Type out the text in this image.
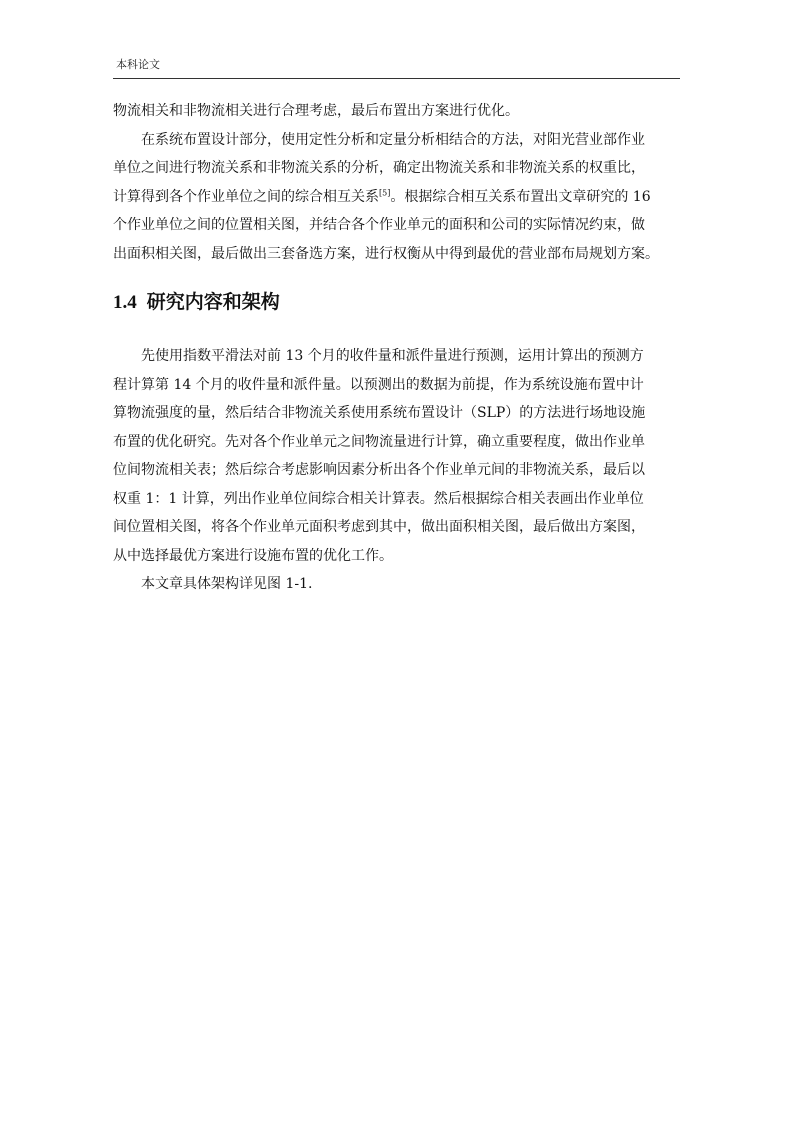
本科论文

物流相关和非物流相关进行合理考虑，最后布置出方案进行优化。

在系统布置设计部分，使用定性分析和定量分析相结合的方法，对阳光营业部作业
单位之间进行物流关系和非物流关系的分析，确定出物流关系和非物流关系的权重比，
计算得到各个作业单位之间的综合相互关系[5]。根据综合相互关系布置出文章研究的 16
个作业单位之间的位置相关图，并结合各个作业单元的面积和公司的实际情况约束，做
出面积相关图，最后做出三套备选方案，进行权衡从中得到最优的营业部布局规划方案。

1.4 研究内容和架构

先使用指数平滑法对前 13 个月的收件量和派件量进行预测，运用计算出的预测方
程计算第 14 个月的收件量和派件量。以预测出的数据为前提，作为系统设施布置中计
算物流强度的量，然后结合非物流关系使用系统布置设计（SLP）的方法进行场地设施
布置的优化研究。先对各个作业单元之间物流量进行计算，确立重要程度，做出作业单
位间物流相关表；然后综合考虑影响因素分析出各个作业单元间的非物流关系，最后以
权重 1：1 计算，列出作业单位间综合相关计算表。然后根据综合相关表画出作业单位
间位置相关图，将各个作业单元面积考虑到其中，做出面积相关图，最后做出方案图，
从中选择最优方案进行设施布置的优化工作。

本文章具体架构详见图 1-1.
